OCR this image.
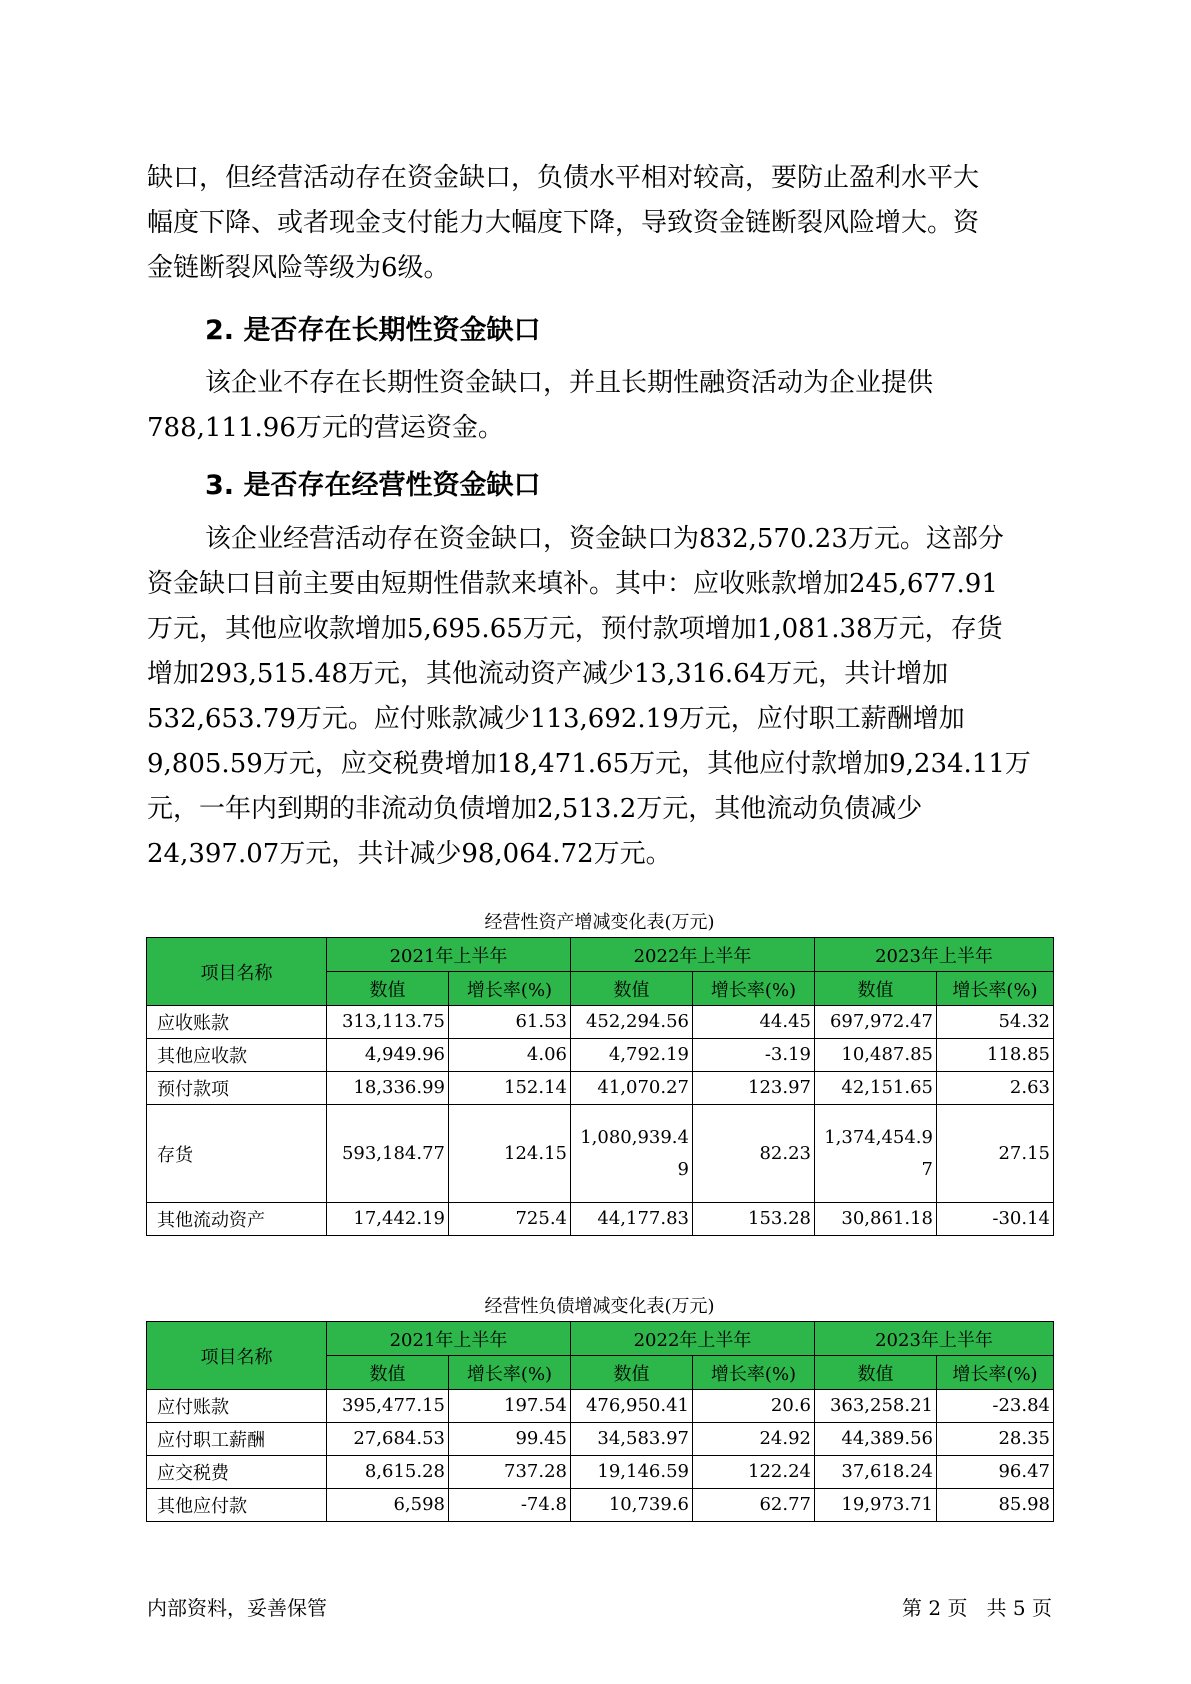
缺口，但经营活动存在资金缺口，负债水平相对较高，要防止盈利水平大
幅度下降、或者现金支付能力大幅度下降，导致资金链断裂风险增大。资
金链断裂风险等级为6级。

2. 是否存在长期性资金缺口

该企业不存在长期性资金缺口，并且长期性融资活动为企业提供
788,111.96万元的营运资金。

3. 是否存在经营性资金缺口

该企业经营活动存在资金缺口，资金缺口为832,570.23万元。这部分
资金缺口目前主要由短期性借款来填补。其中：应收账款增加245,677.91
万元，其他应收款增加5,695.65万元，预付款项增加1,081.38万元，存货
增加293,515.48万元，其他流动资产减少13,316.64万元，共计增加
532,653.79万元。应付账款减少113,692.19万元，应付职工薪酬增加
9,805.59万元，应交税费增加18,471.65万元，其他应付款增加9,234.11万
元，一年内到期的非流动负债增加2,513.2万元，其他流动负债减少
24,397.07万元，共计减少98,064.72万元。

经营性资产增减变化表(万元)
项目名称	2021年上半年		2022年上半年		2023年上半年	
	数值	增长率(%)	数值	增长率(%)	数值	增长率(%)
应收账款	313,113.75	61.53	452,294.56	44.45	697,972.47	54.32
其他应收款	4,949.96	4.06	4,792.19	-3.19	10,487.85	118.85
预付款项	18,336.99	152.14	41,070.27	123.97	42,151.65	2.63
存货	593,184.77	124.15	1,080,939.49	82.23	1,374,454.97	27.15
其他流动资产	17,442.19	725.4	44,177.83	153.28	30,861.18	-30.14
经营性负债增减变化表(万元)
项目名称	2021年上半年		2022年上半年		2023年上半年	
	数值	增长率(%)	数值	增长率(%)	数值	增长率(%)
应付账款	395,477.15	197.54	476,950.41	20.6	363,258.21	-23.84
应付职工薪酬	27,684.53	99.45	34,583.97	24.92	44,389.56	28.35
应交税费	8,615.28	737.28	19,146.59	122.24	37,618.24	96.47
其他应付款	6,598	-74.8	10,739.6	62.77	19,973.71	85.98
内部资料，妥善保管	第 2 页   共 5 页
